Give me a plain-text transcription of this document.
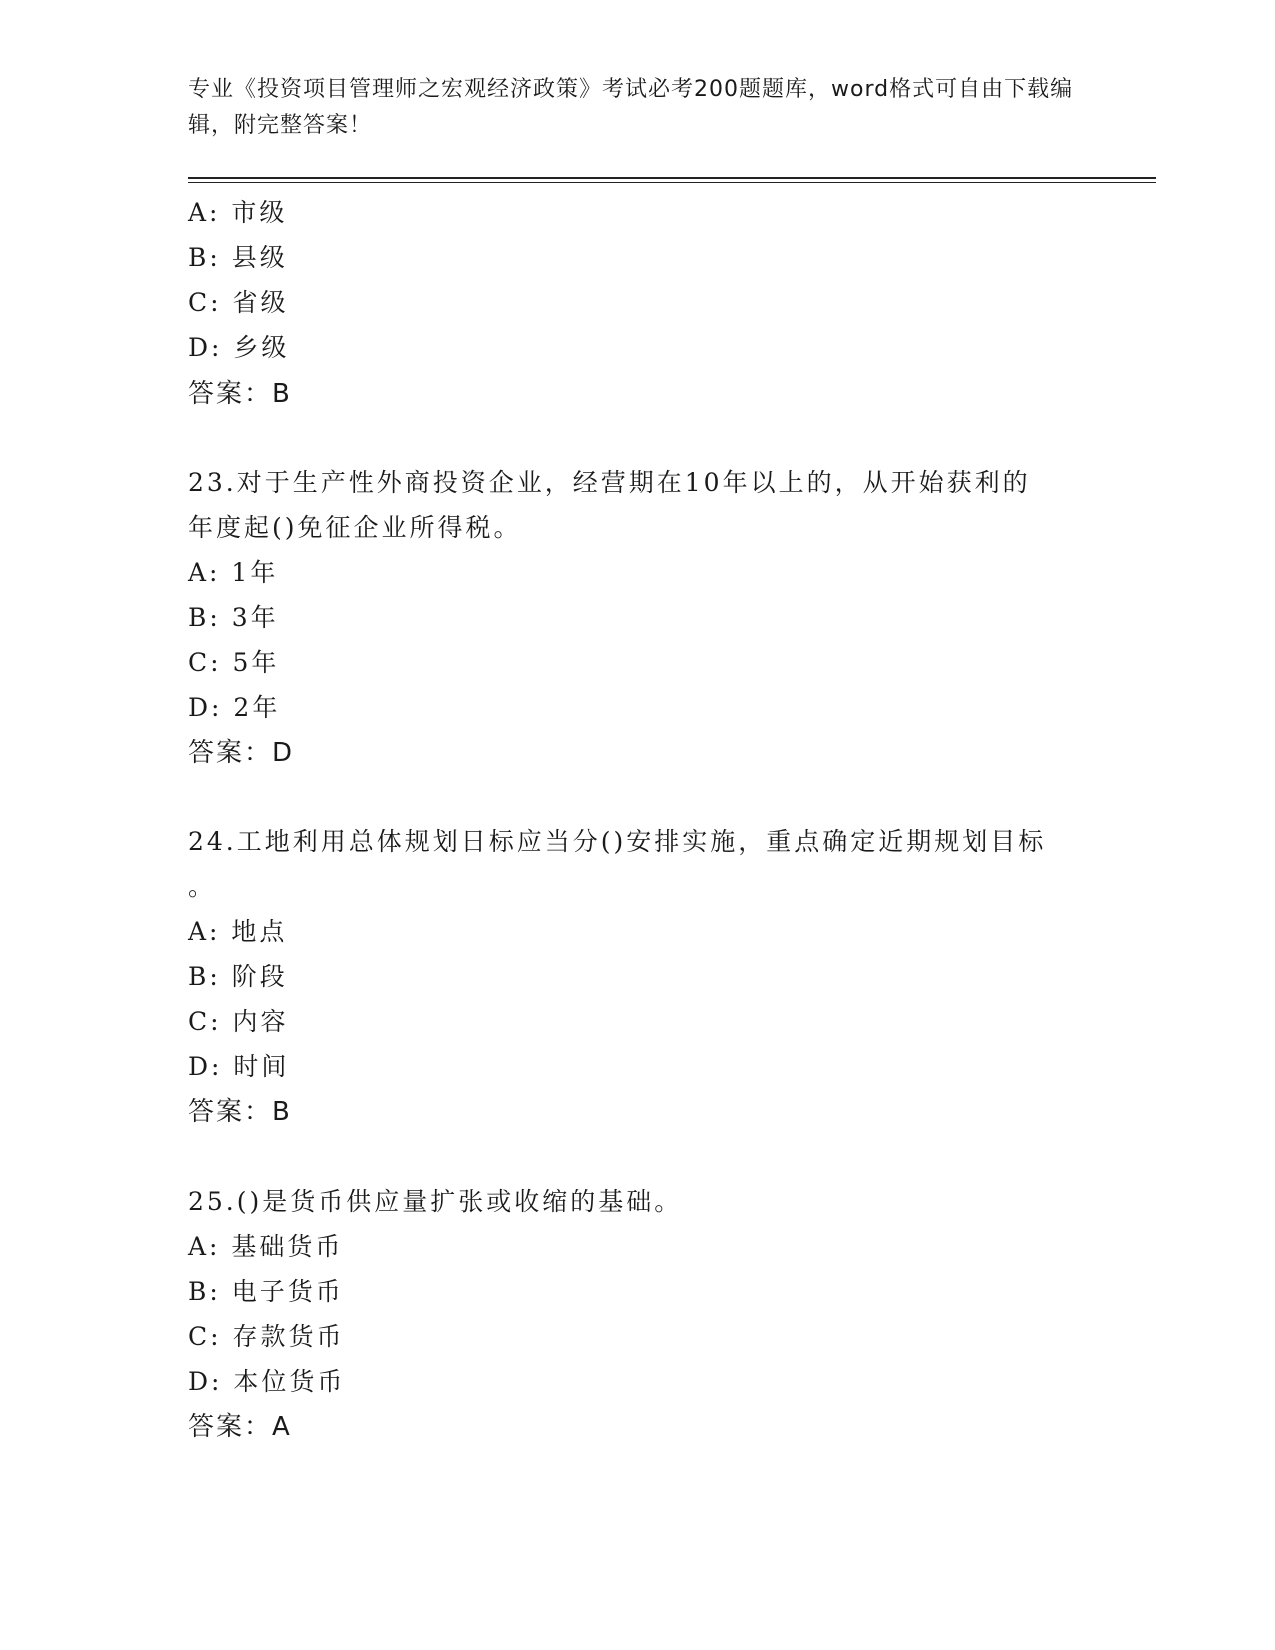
专业《投资项目管理师之宏观经济政策》考试必考200题题库，word格式可自由下载编辑，附完整答案！
A: 市级
B: 县级
C: 省级
D: 乡级
答案：B
23.对于生产性外商投资企业，经营期在10年以上的，从开始获利的
年度起()免征企业所得税。
A: 1年
B: 3年
C: 5年
D: 2年
答案：D
24.工地利用总体规划日标应当分()安排实施，重点确定近期规划目标
。
A: 地点
B: 阶段
C: 内容
D: 时间
答案：B
25.()是货币供应量扩张或收缩的基础。
A: 基础货币
B: 电子货币
C: 存款货币
D: 本位货币
答案：A
